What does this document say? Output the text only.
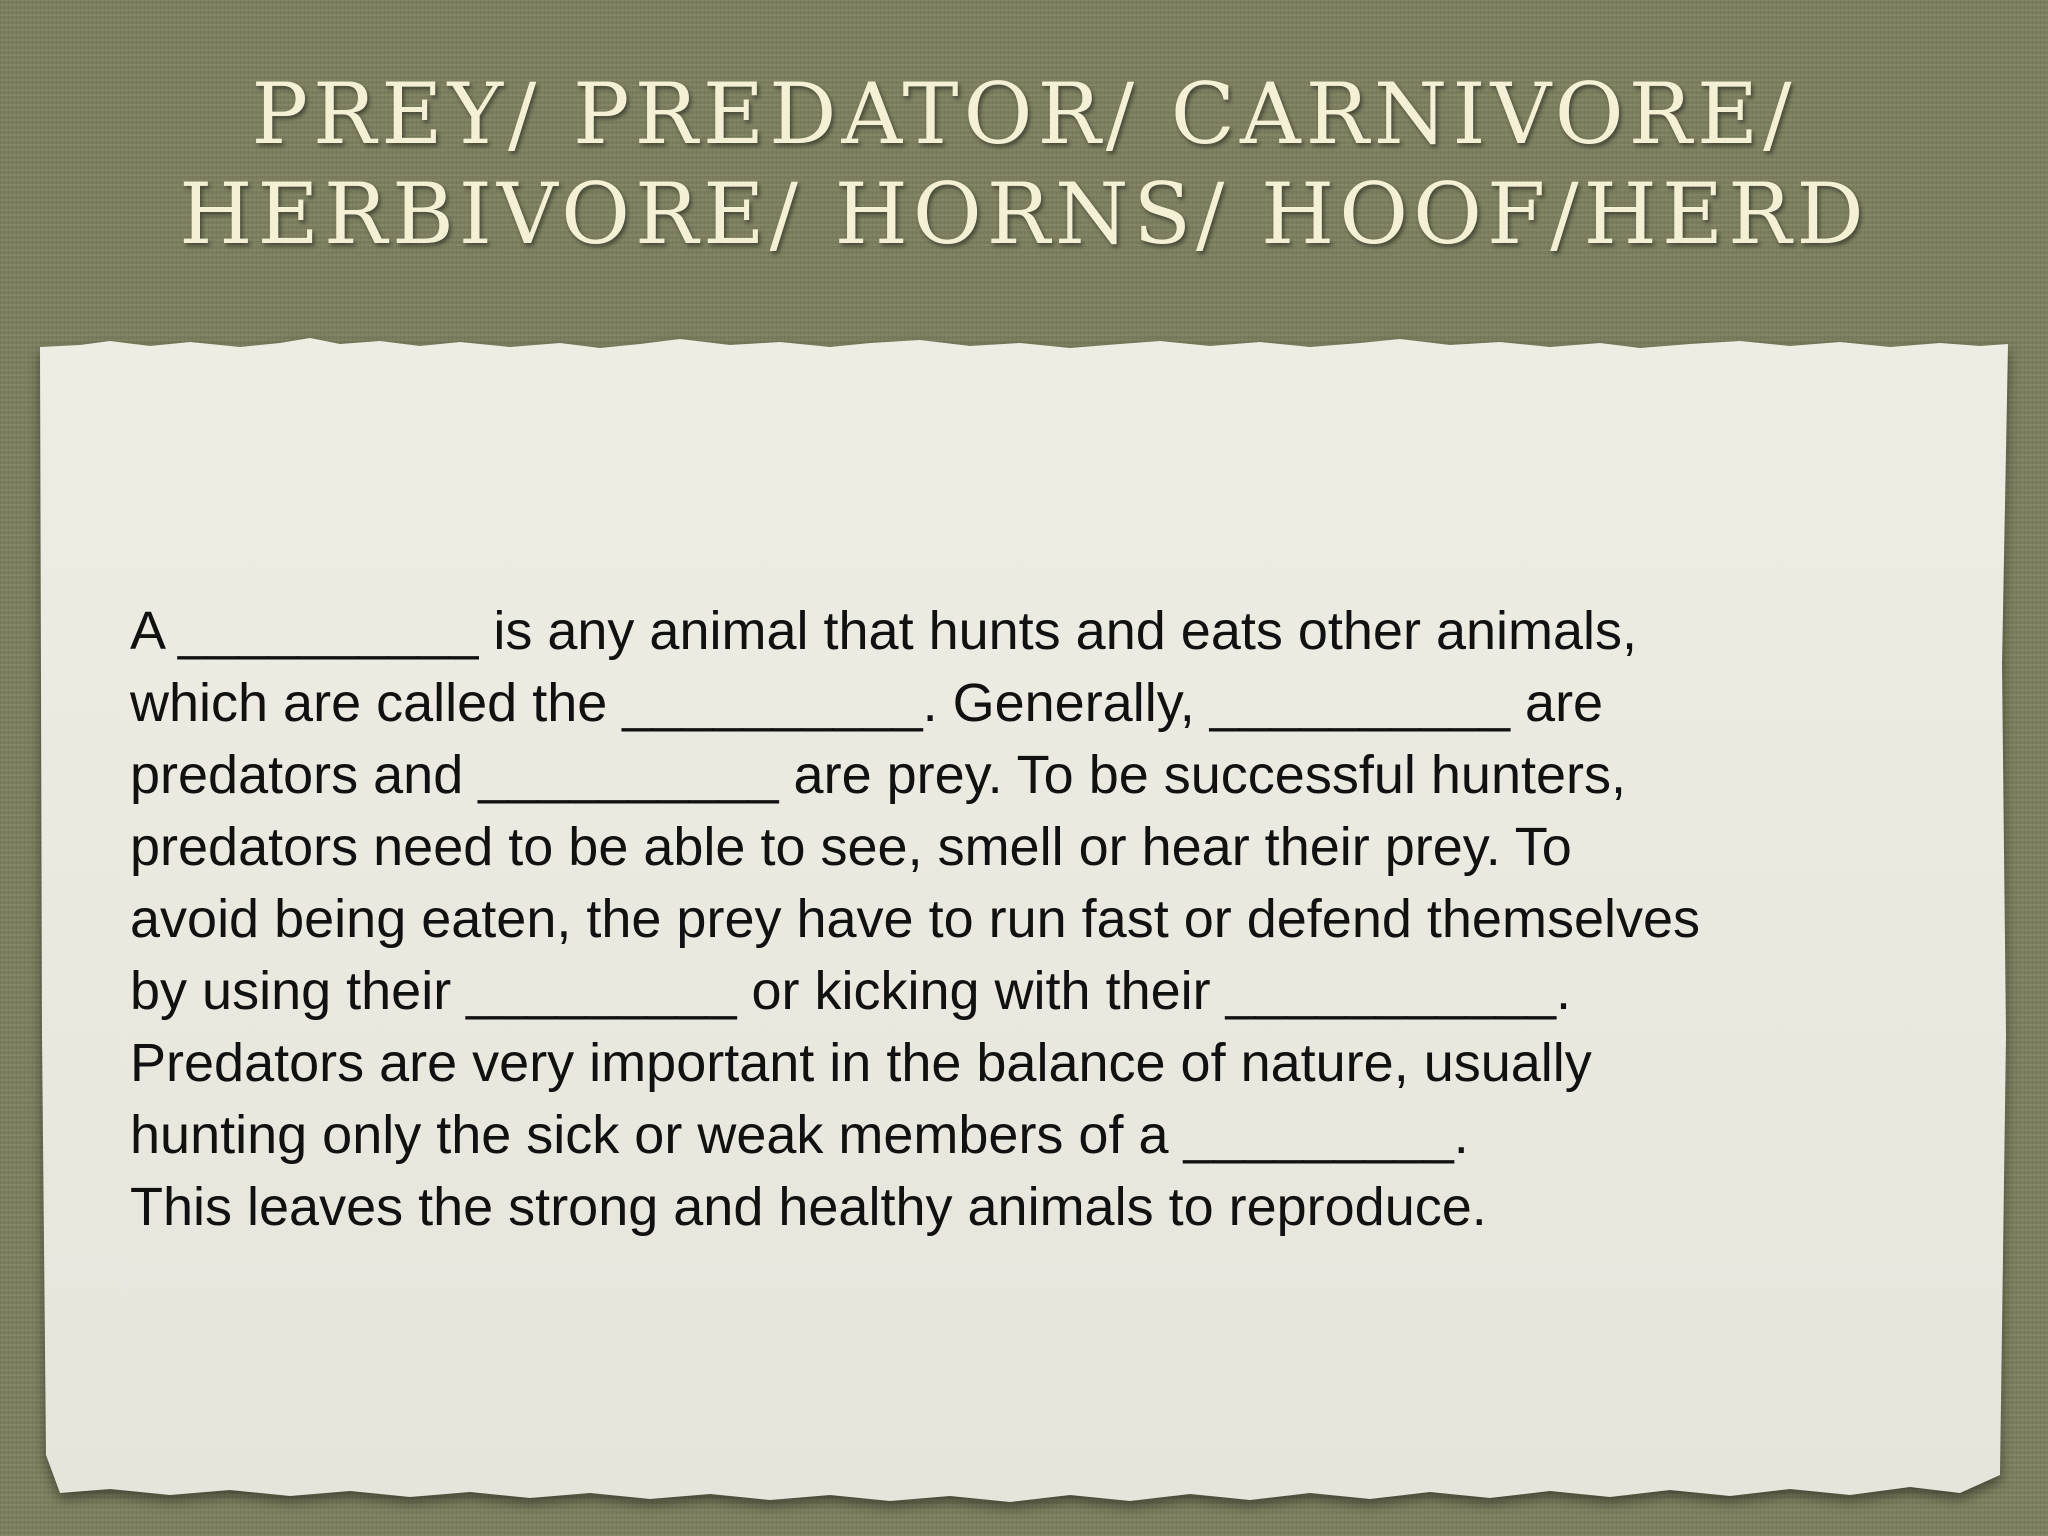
PREY/ PREDATOR/ CARNIVORE/
HERBIVORE/ HORNS/ HOOF/HERD
A __________ is any animal that hunts and eats other animals,
which are called the __________. Generally, __________ are
predators and __________ are prey. To be successful hunters,
predators need to be able to see, smell or hear their prey. To
avoid being eaten, the prey have to run fast or defend themselves
by using their _________ or kicking with their ___________.
Predators are very important in the balance of nature, usually
hunting only the sick or weak members of a _________.
This leaves the strong and healthy animals to reproduce.
